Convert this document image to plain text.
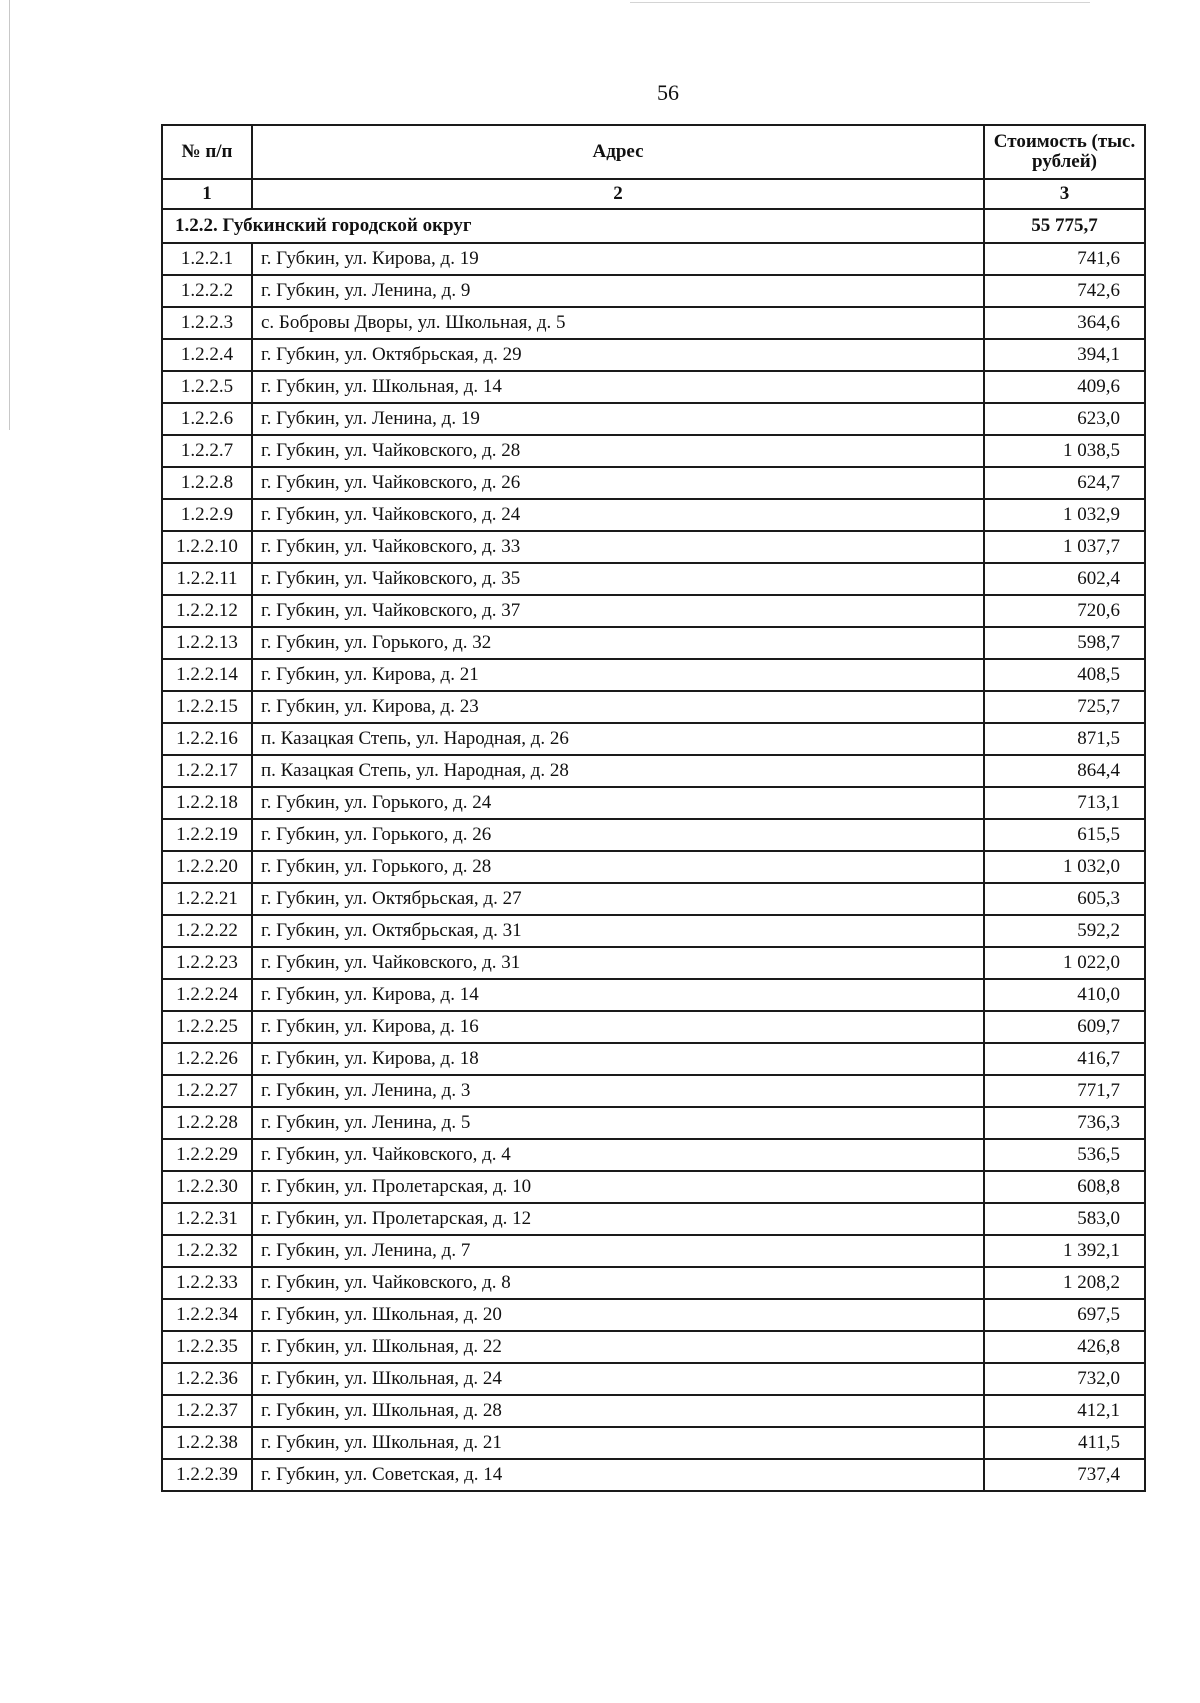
56
№ п/п	Адрес	Стоимость (тыс. рублей)
1	2	3
1.2.2. Губкинский городской округ		55 775,7
1.2.2.1	г. Губкин, ул. Кирова, д. 19	741,6
1.2.2.2	г. Губкин, ул. Ленина, д. 9	742,6
1.2.2.3	с. Бобровы Дворы, ул. Школьная, д. 5	364,6
1.2.2.4	г. Губкин, ул. Октябрьская, д. 29	394,1
1.2.2.5	г. Губкин, ул. Школьная, д. 14	409,6
1.2.2.6	г. Губкин, ул. Ленина, д. 19	623,0
1.2.2.7	г. Губкин, ул. Чайковского, д. 28	1 038,5
1.2.2.8	г. Губкин, ул. Чайковского, д. 26	624,7
1.2.2.9	г. Губкин, ул. Чайковского, д. 24	1 032,9
1.2.2.10	г. Губкин, ул. Чайковского, д. 33	1 037,7
1.2.2.11	г. Губкин, ул. Чайковского, д. 35	602,4
1.2.2.12	г. Губкин, ул. Чайковского, д. 37	720,6
1.2.2.13	г. Губкин, ул. Горького, д. 32	598,7
1.2.2.14	г. Губкин, ул. Кирова, д. 21	408,5
1.2.2.15	г. Губкин, ул. Кирова, д. 23	725,7
1.2.2.16	п. Казацкая Степь, ул. Народная, д. 26	871,5
1.2.2.17	п. Казацкая Степь, ул. Народная, д. 28	864,4
1.2.2.18	г. Губкин, ул. Горького, д. 24	713,1
1.2.2.19	г. Губкин, ул. Горького, д. 26	615,5
1.2.2.20	г. Губкин, ул. Горького, д. 28	1 032,0
1.2.2.21	г. Губкин, ул. Октябрьская, д. 27	605,3
1.2.2.22	г. Губкин, ул. Октябрьская, д. 31	592,2
1.2.2.23	г. Губкин, ул. Чайковского, д. 31	1 022,0
1.2.2.24	г. Губкин, ул. Кирова, д. 14	410,0
1.2.2.25	г. Губкин, ул. Кирова, д. 16	609,7
1.2.2.26	г. Губкин, ул. Кирова, д. 18	416,7
1.2.2.27	г. Губкин, ул. Ленина, д. 3	771,7
1.2.2.28	г. Губкин, ул. Ленина, д. 5	736,3
1.2.2.29	г. Губкин, ул. Чайковского, д. 4	536,5
1.2.2.30	г. Губкин, ул. Пролетарская, д. 10	608,8
1.2.2.31	г. Губкин, ул. Пролетарская, д. 12	583,0
1.2.2.32	г. Губкин, ул. Ленина, д. 7	1 392,1
1.2.2.33	г. Губкин, ул. Чайковского, д. 8	1 208,2
1.2.2.34	г. Губкин, ул. Школьная, д. 20	697,5
1.2.2.35	г. Губкин, ул. Школьная, д. 22	426,8
1.2.2.36	г. Губкин, ул. Школьная, д. 24	732,0
1.2.2.37	г. Губкин, ул. Школьная, д. 28	412,1
1.2.2.38	г. Губкин, ул. Школьная, д. 21	411,5
1.2.2.39	г. Губкин, ул. Советская, д. 14	737,4
